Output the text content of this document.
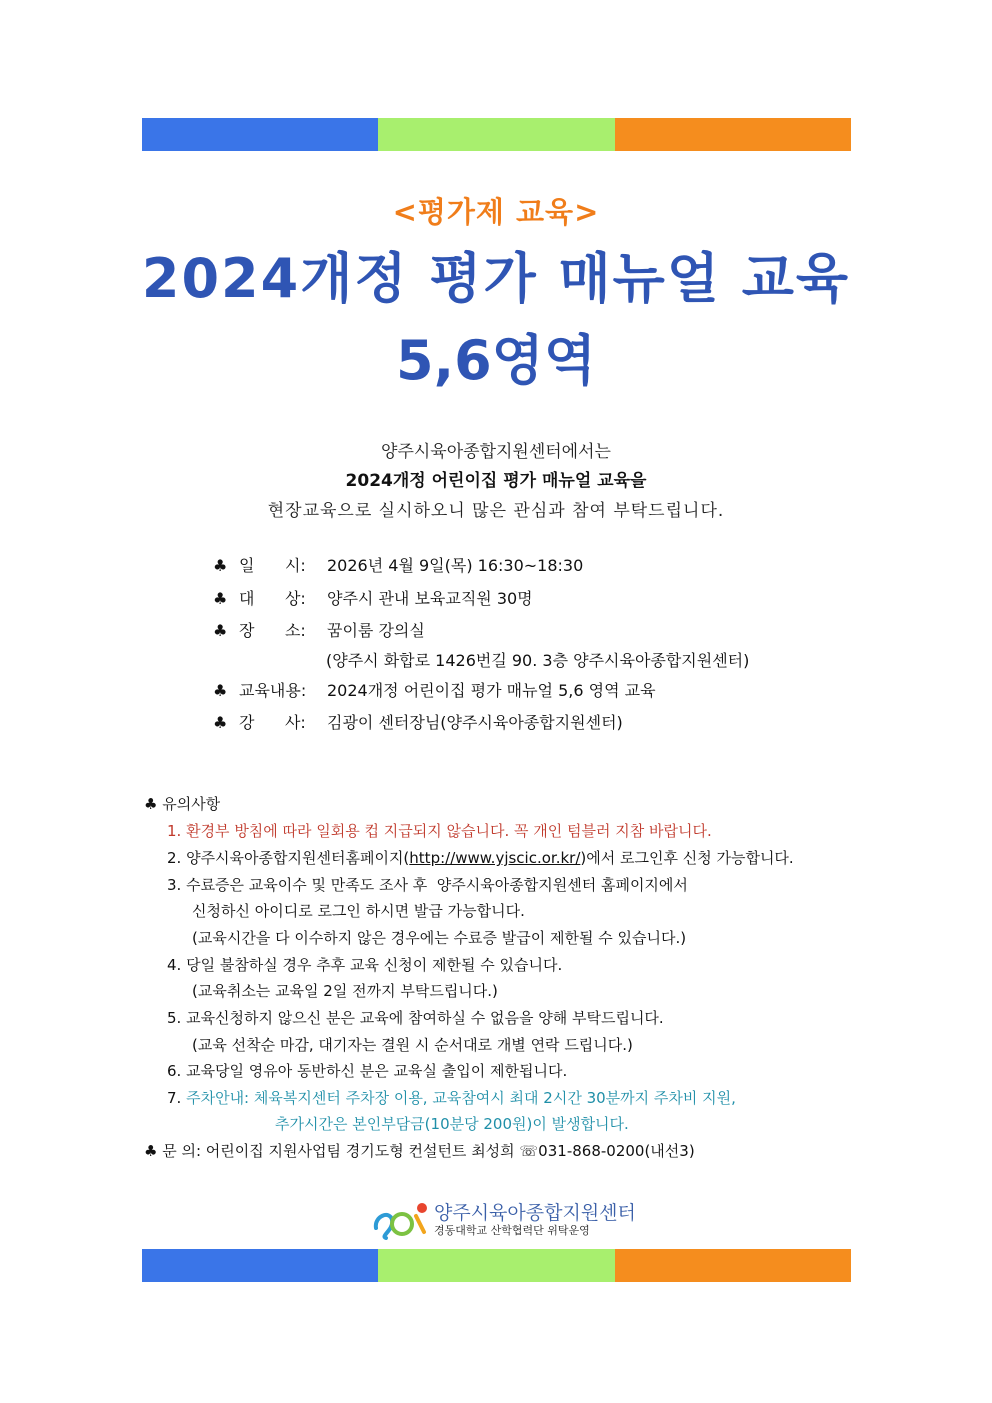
<평가제 교육>
2024개정 평가 매뉴얼 교육
5,6영역
양주시육아종합지원센터에서는
2024개정 어린이집 평가 매뉴얼 교육을
현장교육으로 실시하오니 많은 관심과 참여 부탁드립니다.
♣ 일      시: 2026년 4월 9일(목) 16:30~18:30
♣ 대      상: 양주시 관내 보육교직원 30명
♣ 장      소: 꿈이룸 강의실
(양주시 화합로 1426번길 90. 3층 양주시육아종합지원센터)
♣ 교육내용: 2024개정 어린이집 평가 매뉴얼 5,6 영역 교육
♣ 강      사: 김광이 센터장님(양주시육아종합지원센터)
♣ 유의사항
1. 환경부 방침에 따라 일회용 컵 지급되지 않습니다. 꼭 개인 텀블러 지참 바랍니다.
2. 양주시육아종합지원센터홈페이지(http://www.yjscic.or.kr/)에서 로그인후 신청 가능합니다.
3. 수료증은 교육이수 및 만족도 조사 후  양주시육아종합지원센터 홈페이지에서
신청하신 아이디로 로그인 하시면 발급 가능합니다.
(교육시간을 다 이수하지 않은 경우에는 수료증 발급이 제한될 수 있습니다.)
4. 당일 불참하실 경우 추후 교육 신청이 제한될 수 있습니다.
(교육취소는 교육일 2일 전까지 부탁드립니다.)
5. 교육신청하지 않으신 분은 교육에 참여하실 수 없음을 양해 부탁드립니다.
(교육 선착순 마감, 대기자는 결원 시 순서대로 개별 연락 드립니다.)
6. 교육당일 영유아 동반하신 분은 교육실 출입이 제한됩니다.
7. 주차안내: 체육복지센터 주차장 이용, 교육참여시 최대 2시간 30분까지 주차비 지원,
추가시간은 본인부담금(10분당 200원)이 발생합니다.
♣ 문 의: 어린이집 지원사업팀 경기도형 컨설턴트 최성희 ☏031-868-0200(내선3)
양주시육아종합지원센터
경동대학교 산학협력단 위탁운영
